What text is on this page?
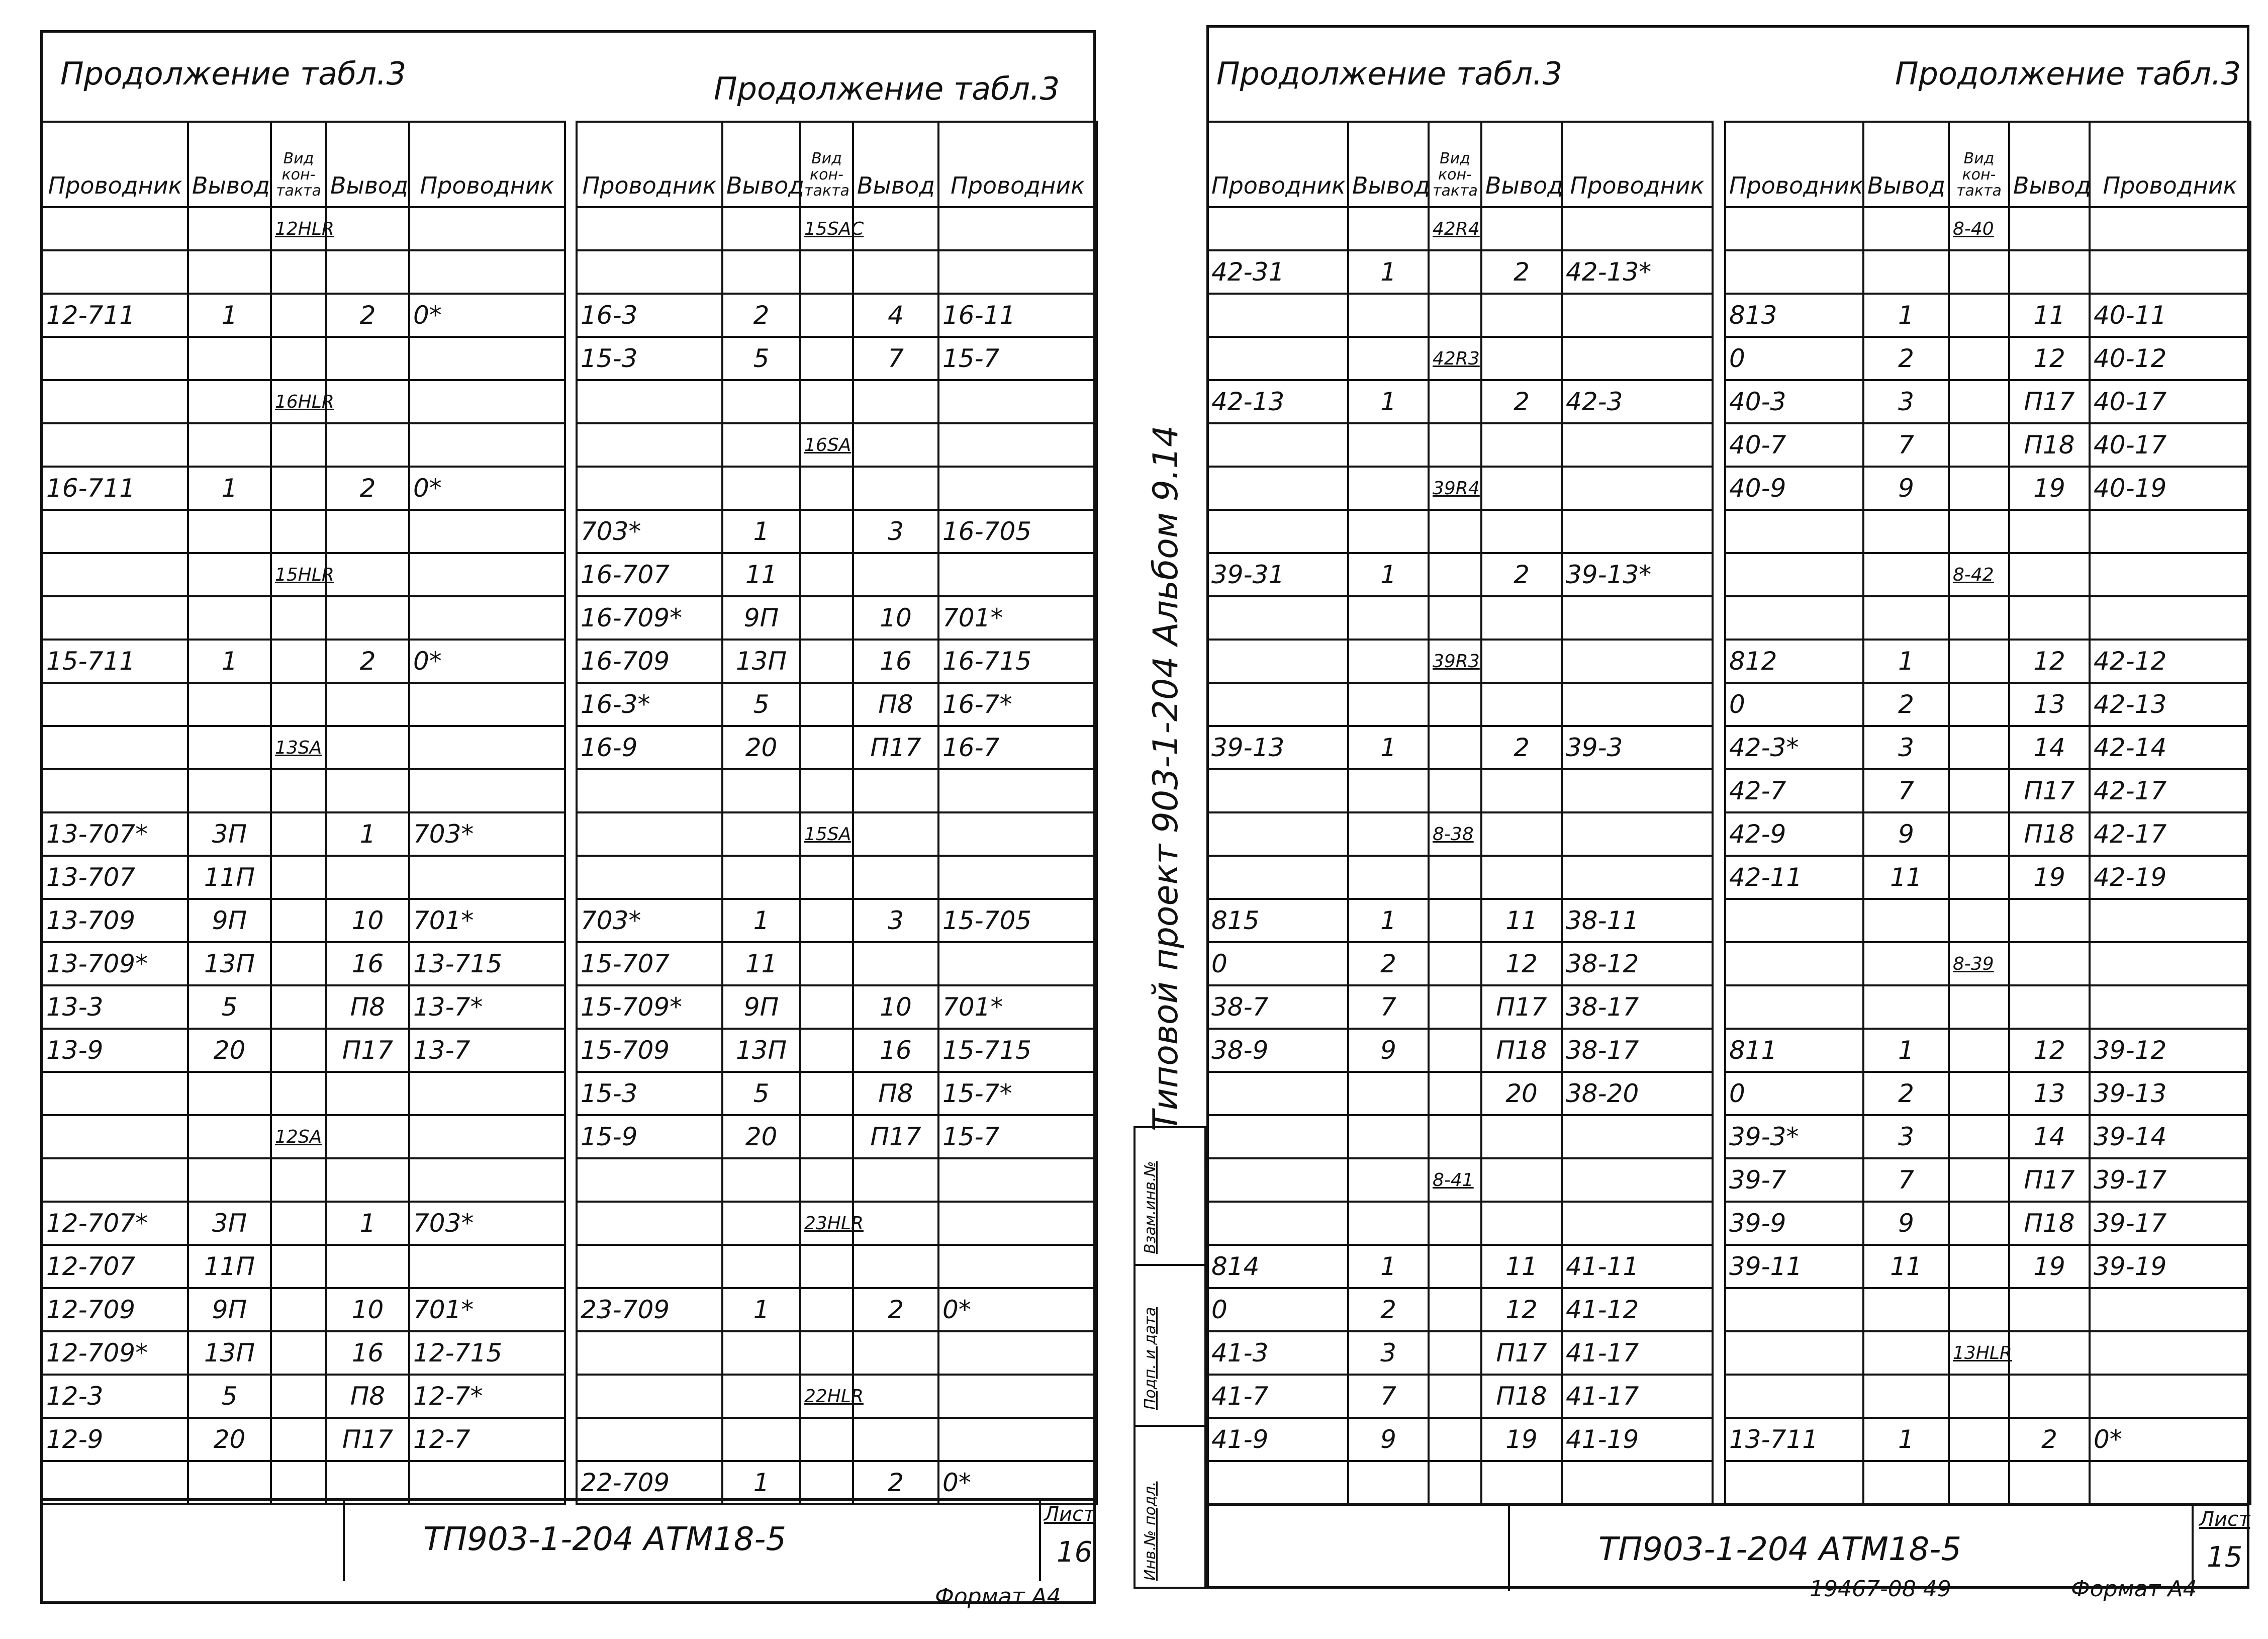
Продолжение табл.3	Продолжение табл.3
Проводник	Вывод	Вид кон-такта	Вывод	Проводник
		12HLR		

12-711	1		2	0*

		16HLR		

16-711	1		2	0*

		15HLR		

15-711	1		2	0*

		13SA		

13-707*	3П		1	703*
13-707	11П			
13-709	9П		10	701*
13-709*	13П		16	13-715
13-3	5		П8	13-7*
13-9	20		П17	13-7

		12SA		

12-707*	3П		1	703*
12-707	11П			
12-709	9П		10	701*
12-709*	13П		16	12-715
12-3	5		П8	12-7*
12-9	20		П17	12-7

Проводник	Вывод	Вид кон-такта	Вывод	Проводник
		15SAC		

16-3	2		4	16-11
15-3	5		7	15-7

		16SA		

703*	1		3	16-705
16-707	11			
16-709*	9П		10	701*
16-709	13П		16	16-715
16-3*	5		П8	16-7*
16-9	20		П17	16-7

		15SA		

703*	1		3	15-705
15-707	11			
15-709*	9П		10	701*
15-709	13П		16	15-715
15-3	5		П8	15-7*
15-9	20		П17	15-7

		23HLR		

23-709	1		2	0*

		22HLR		

22-709	1		2	0*
ТП903-1-204 АТМ18-5
Лист
16
Формат А4
Продолжение табл.3	Продолжение табл.3
Проводник	Вывод	Вид кон-такта	Вывод	Проводник
		42R4		
42-31	1		2	42-13*

		42R3		
42-13	1		2	42-3

		39R4		

39-31	1		2	39-13*

		39R3		

39-13	1		2	39-3

		8-38		

815	1		11	38-11
0	2		12	38-12
38-7	7		П17	38-17
38-9	9		П18	38-17
			20	38-20

		8-41		

814	1		11	41-11
0	2		12	41-12
41-3	3		П17	41-17
41-7	7		П18	41-17
41-9	9		19	41-19

Проводник	Вывод	Вид кон-такта	Вывод	Проводник
		8-40		

813	1		11	40-11
0	2		12	40-12
40-3	3		П17	40-17
40-7	7		П18	40-17
40-9	9		19	40-19

		8-42		

812	1		12	42-12
0	2		13	42-13
42-3*	3		14	42-14
42-7	7		П17	42-17
42-9	9		П18	42-17
42-11	11		19	42-19

		8-39		

811	1		12	39-12
0	2		13	39-13
39-3*	3		14	39-14
39-7	7		П17	39-17
39-9	9		П18	39-17
39-11	11		19	39-19

		13HLR		

13-711	1		2	0*

Типовой проект 903-1-204 Альбом 9.14
Взам.инв.№
Подп. и дата
Инв.№ подл.	ТП903-1-204 АТМ18-5
Лист
15
19467-08 49	Формат А4
